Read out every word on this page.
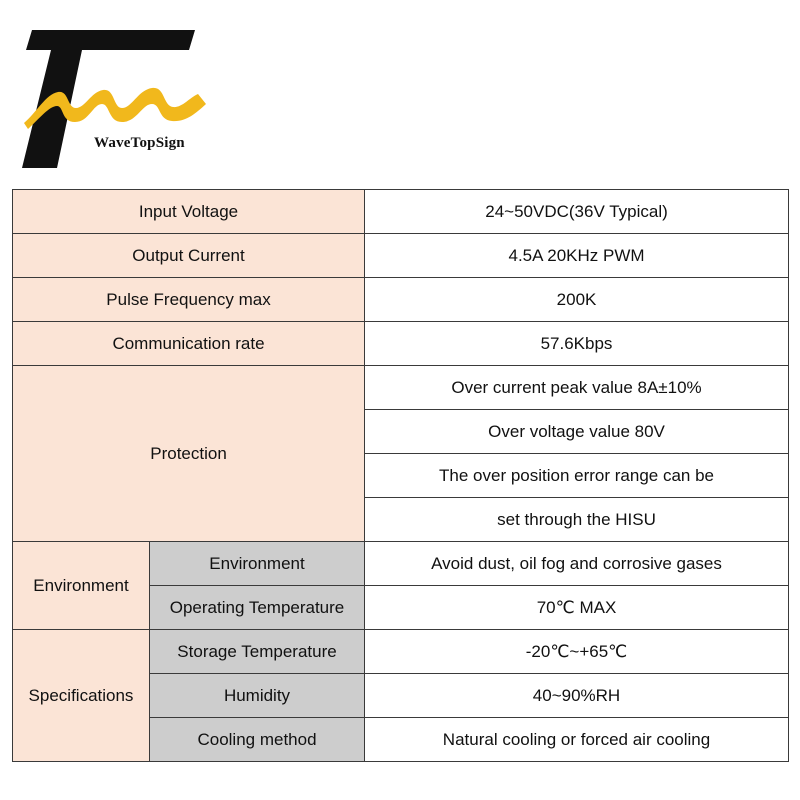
WaveTopSign
Input Voltage		24~50VDC(36V Typical)
Output Current		4.5A 20KHz PWM
Pulse Frequency max		200K
Communication rate		57.6Kbps
Protection		Over current peak value 8A±10%
		Over voltage value 80V
		The over position error range can be
		set through the HISU
Environment	Environment	Avoid dust, oil fog and corrosive gases
	Operating Temperature	70℃ MAX
Specifications	Storage Temperature	-20℃~+65℃
	Humidity	40~90%RH
	Cooling method	Natural cooling or forced air cooling
